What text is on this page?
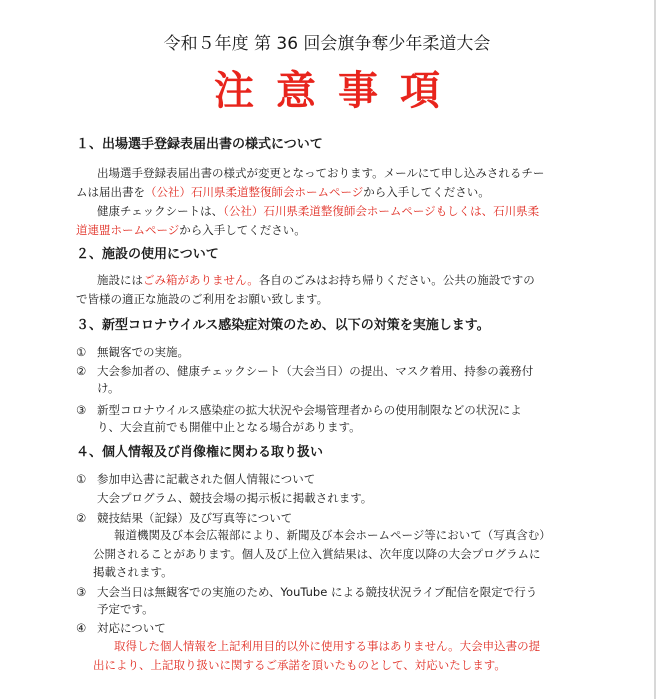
令和５年度 第 36 回会旗争奪少年柔道大会
注意事項
１、出場選手登録表届出書の様式について
出場選手登録表届出書の様式が変更となっております。メールにて申し込みされるチー
ムは届出書を（公社）石川県柔道整復師会ホームページから入手してください。
健康チェックシートは、（公社）石川県柔道整復師会ホームページもしくは、石川県柔
道連盟ホームページから入手してください。
２、施設の使用について
施設にはごみ箱がありません。各自のごみはお持ち帰りください。公共の施設ですの
で皆様の適正な施設のご利用をお願い致します。
３、新型コロナウイルス感染症対策のため、以下の対策を実施します。
① 無観客での実施。
② 大会参加者の、健康チェックシート（大会当日）の提出、マスク着用、持参の義務付
け。
③ 新型コロナウイルス感染症の拡大状況や会場管理者からの使用制限などの状況によ
り、大会直前でも開催中止となる場合があります。
４、個人情報及び肖像権に関わる取り扱い
① 参加申込書に記載された個人情報について
大会プログラム、競技会場の掲示板に掲載されます。
② 競技結果（記録）及び写真等について
報道機関及び本会広報部により、新聞及び本会ホームページ等において（写真含む）
公開されることがあります。個人及び上位入賞結果は、次年度以降の大会プログラムに
掲載されます。
③ 大会当日は無観客での実施のため、YouTube による競技状況ライブ配信を限定で行う
予定です。
④ 対応について
取得した個人情報を上記利用目的以外に使用する事はありません。大会申込書の提
出により、上記取り扱いに関するご承諾を頂いたものとして、対応いたします。
